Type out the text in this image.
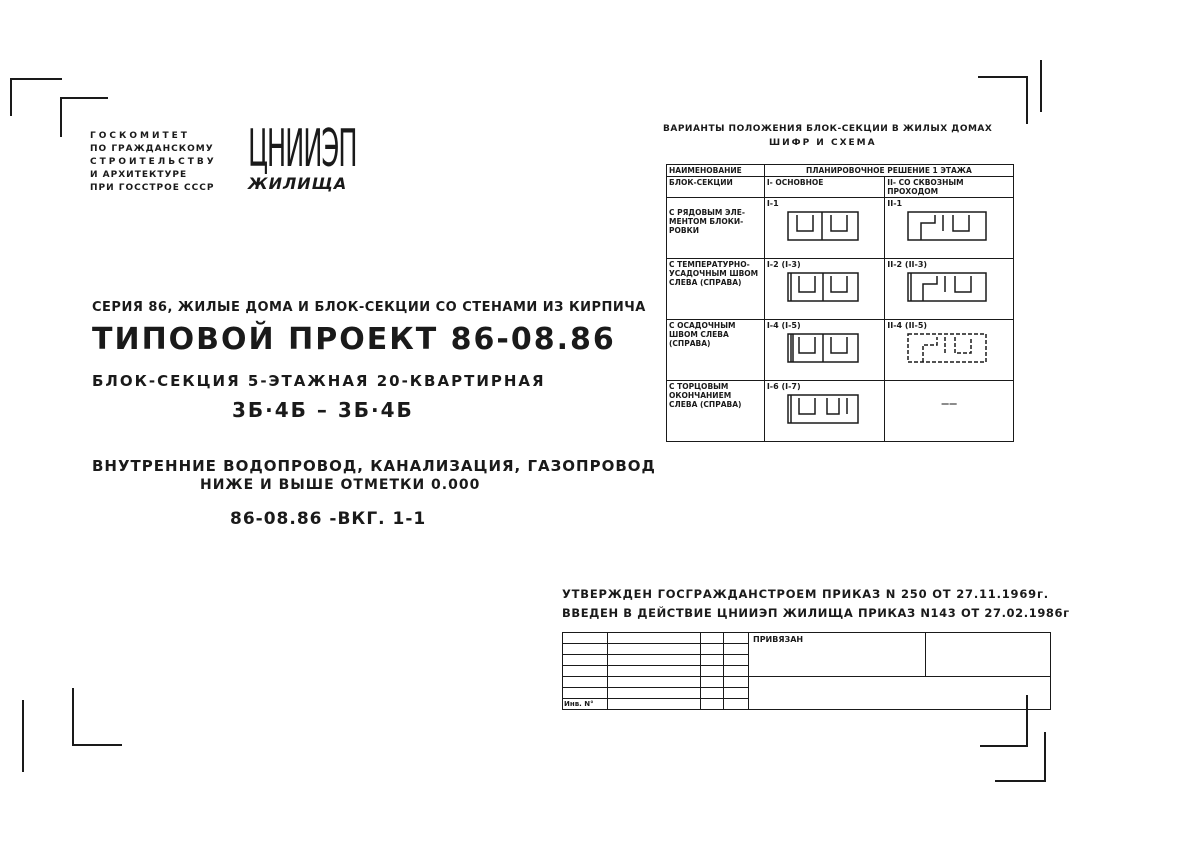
ГОСКОМИТЕТ
ПО ГРАЖДАНСКОМУ
СТРОИТЕЛЬСТВУ
И АРХИТЕКТУРЕ
ПРИ ГОССТРОЕ СССР
ЦНИИЭП
ЖИЛИЩА
СЕРИЯ 86, ЖИЛЫЕ ДОМА И БЛОК-СЕКЦИИ СО СТЕНАМИ ИЗ КИРПИЧА
ТИПОВОЙ ПРОЕКТ 86-08.86
БЛОК-СЕКЦИЯ 5-ЭТАЖНАЯ 20-КВАРТИРНАЯ
3Б·4Б – 3Б·4Б
ВНУТРЕННИЕ ВОДОПРОВОД, КАНАЛИЗАЦИЯ, ГАЗОПРОВОД
НИЖЕ И ВЫШЕ ОТМЕТКИ 0.000
86-08.86 -ВКГ. 1-1
ВАРИАНТЫ ПОЛОЖЕНИЯ БЛОК-СЕКЦИИ В ЖИЛЫХ ДОМАХ
ШИФР И СХЕМА
НАИМЕНОВАНИЕ	ПЛАНИРОВОЧНОЕ РЕШЕНИЕ 1 ЭТАЖА	
БЛОК-СЕКЦИИ	I- ОСНОВНОЕ	II- СО СКВОЗНЫМ ПРОХОДОМ
С РЯДОВЫМ ЭЛЕ-МЕНТОМ БЛОКИ-РОВКИ	I-1	II-1

С ТЕМПЕРАТУРНО-УСАДОЧНЫМ ШВОМ СЛЕВА (СПРАВА)	I-2 (I-3)	II-2 (II-3)

С ОСАДОЧНЫМ ШВОМ СЛЕВА (СПРАВА)	I-4 (I-5)	II-4 (II-5)

С ТОРЦОВЫМ ОКОНЧАНИЕМ СЛЕВА (СПРАВА)	I-6 (I-7)	——
УТВЕРЖДЕН ГОСГРАЖДАНСТРОЕМ ПРИКАЗ N 250 ОТ 27.11.1969г.
ВВЕДЕН В ДЕЙСТВИЕ ЦНИИЭП ЖИЛИЩА ПРИКАЗ N143 ОТ 27.02.1986г
				ПРИВЯЗАН	

Инв. N°					
